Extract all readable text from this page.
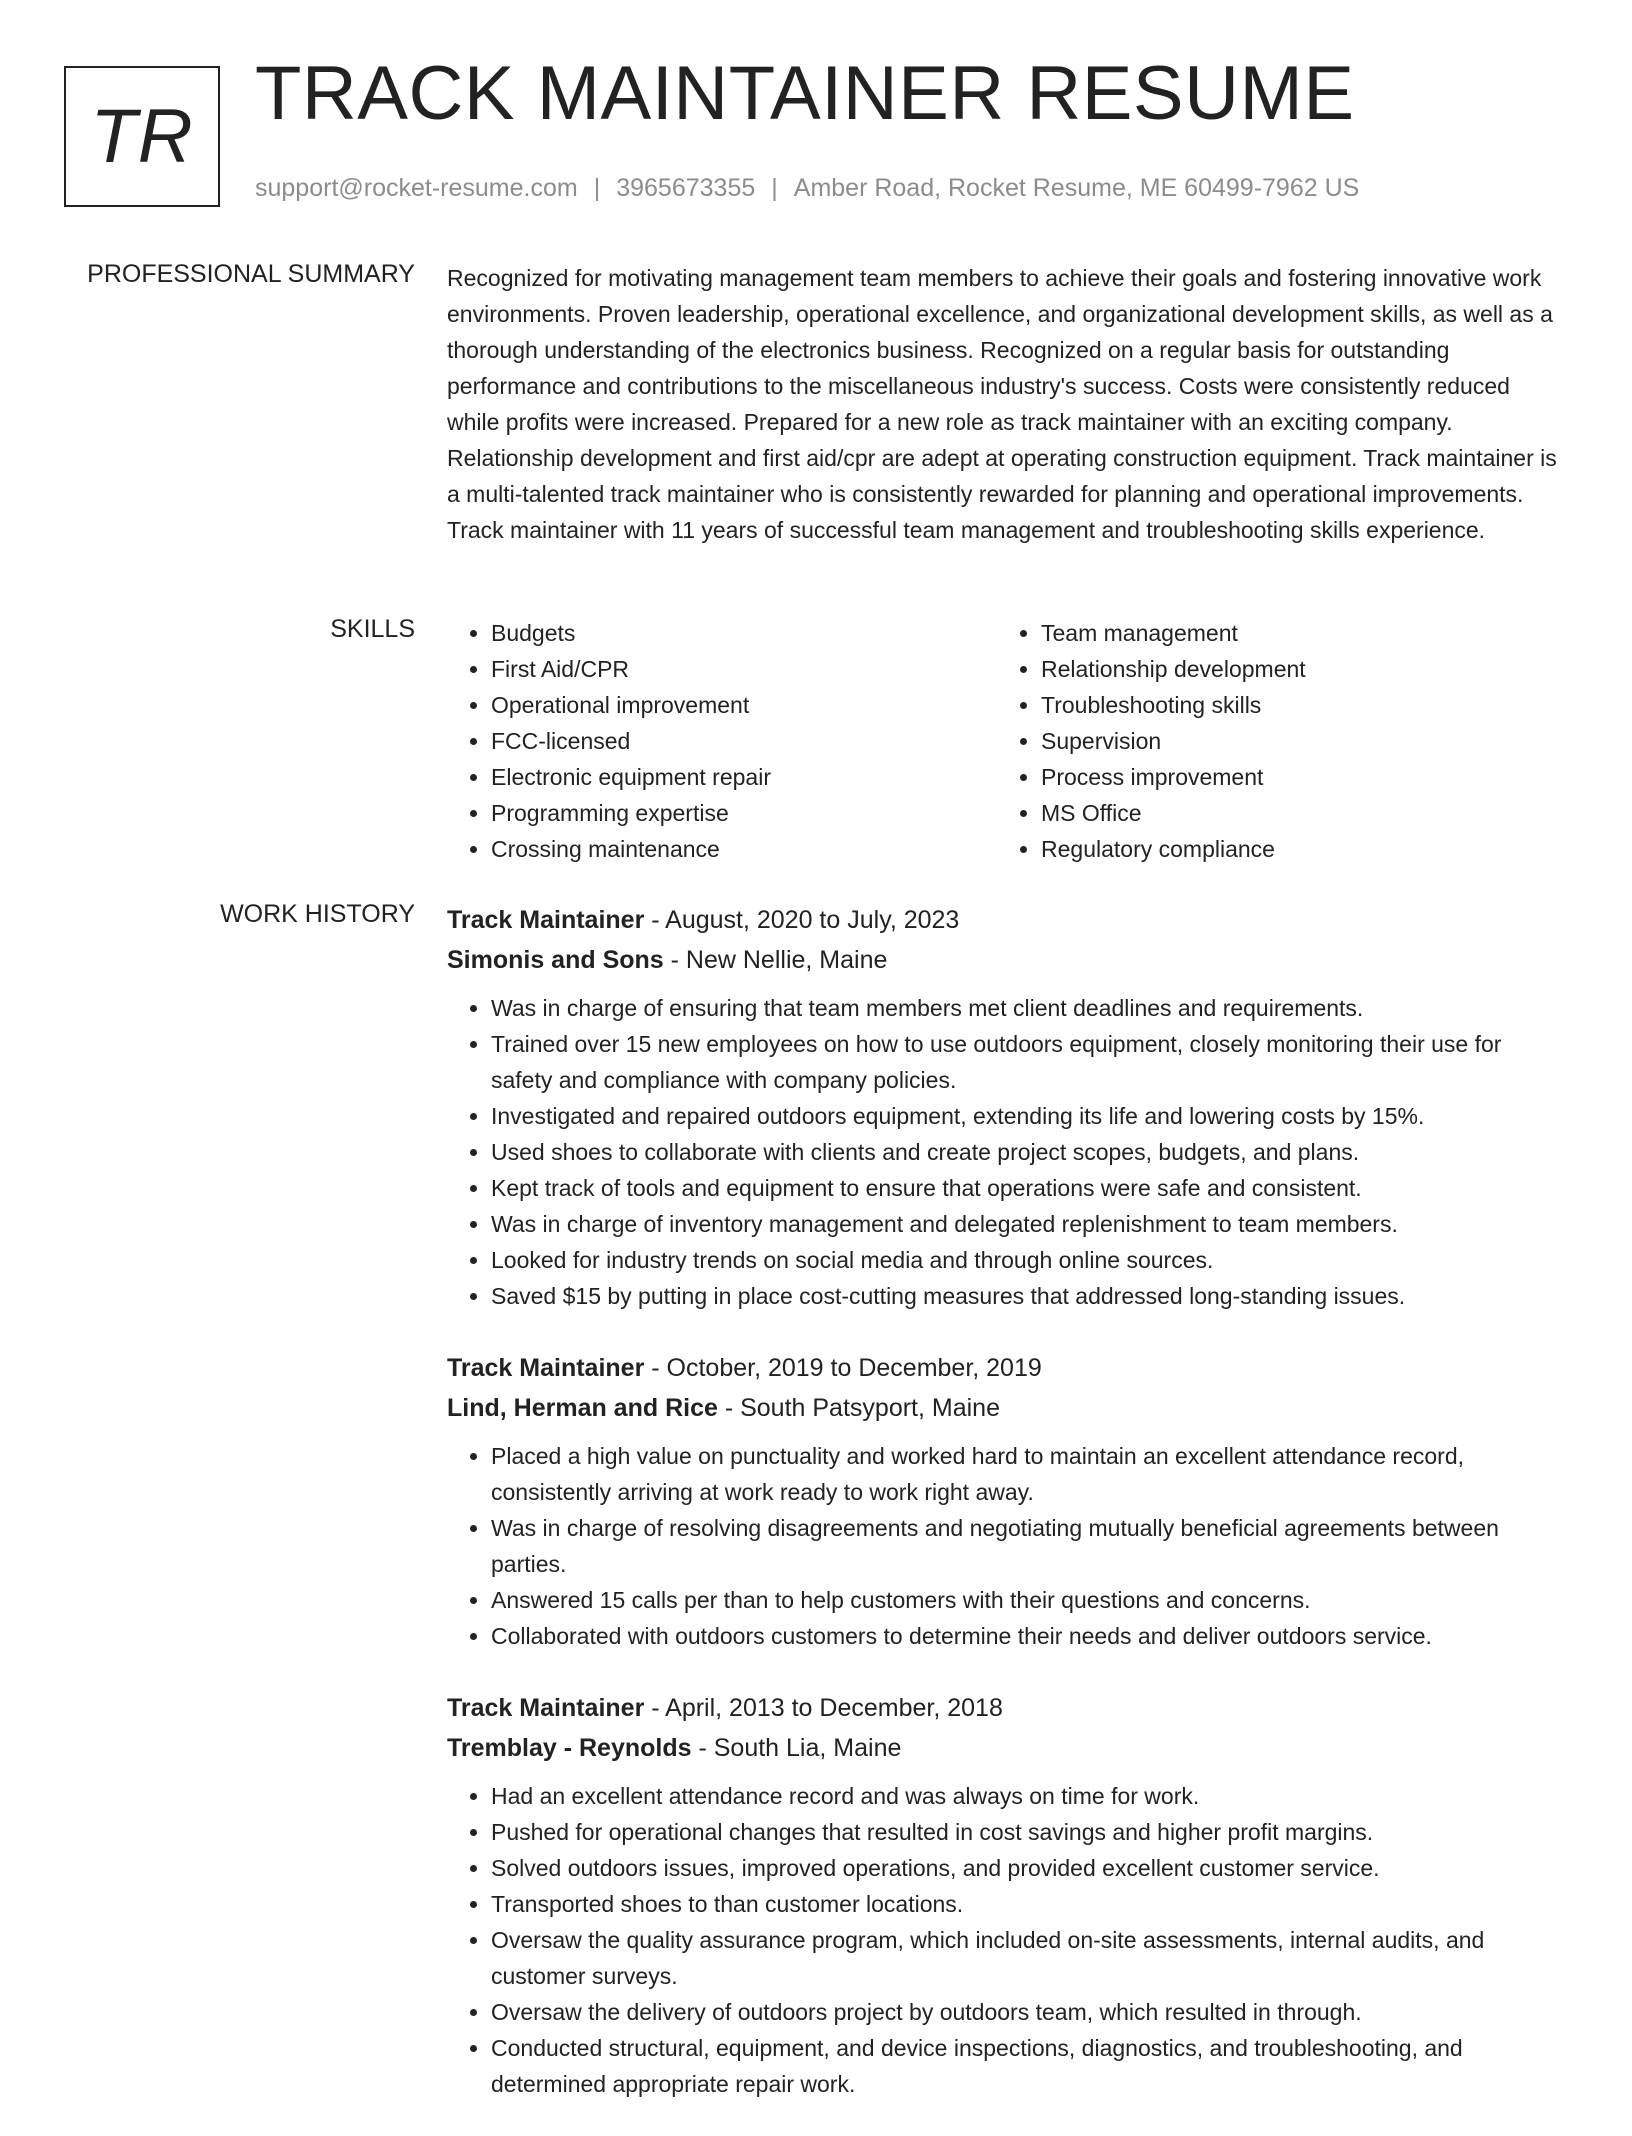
TR
TRACK MAINTAINER RESUME
support@rocket-resume.com | 3965673355 | Amber Road, Rocket Resume, ME 60499-7962 US
PROFESSIONAL SUMMARY Recognized for motivating management team members to achieve their goals and fostering innovative work environments. Proven leadership, operational excellence, and organizational development skills, as well as a thorough understanding of the electronics business. Recognized on a regular basis for outstanding performance and contributions to the miscellaneous industry's success. Costs were consistently reduced while profits were increased. Prepared for a new role as track maintainer with an exciting company. Relationship development and first aid/cpr are adept at operating construction equipment. Track maintainer is a multi-talented track maintainer who is consistently rewarded for planning and operational improvements. Track maintainer with 11 years of successful team management and troubleshooting skills experience.

SKILLS
•	Budgets
• First Aid/CPR
• Operational improvement
• FCC-licensed
• Electronic equipment repair
• Programming expertise
• Crossing maintenance
• Team management
• Relationship development
• Troubleshooting skills
• Supervision
• Process improvement
• MS Office
• Regulatory compliance
WORK HISTORY Track Maintainer - August, 2020 to July, 2023
Simonis and Sons - New Nellie, Maine
• Was in charge of ensuring that team members met client deadlines and requirements.
• Trained over 15 new employees on how to use outdoors equipment, closely monitoring their use for safety and compliance with company policies.
• Investigated and repaired outdoors equipment, extending its life and lowering costs by 15%.
• Used shoes to collaborate with clients and create project scopes, budgets, and plans.
• Kept track of tools and equipment to ensure that operations were safe and consistent.
• Was in charge of inventory management and delegated replenishment to team members.
• Looked for industry trends on social media and through online sources.
• Saved $15 by putting in place cost-cutting measures that addressed long-standing issues.
Track Maintainer - October, 2019 to December, 2019
Lind, Herman and Rice - South Patsyport, Maine
• Placed a high value on punctuality and worked hard to maintain an excellent attendance record, consistently arriving at work ready to work right away.
• Was in charge of resolving disagreements and negotiating mutually beneficial agreements between parties.
• Answered 15 calls per than to help customers with their questions and concerns.
• Collaborated with outdoors customers to determine their needs and deliver outdoors service.
Track Maintainer - April, 2013 to December, 2018
Tremblay - Reynolds - South Lia, Maine
• Had an excellent attendance record and was always on time for work.
• Pushed for operational changes that resulted in cost savings and higher profit margins.
• Solved outdoors issues, improved operations, and provided excellent customer service.
• Transported shoes to than customer locations.
• Oversaw the quality assurance program, which included on-site assessments, internal audits, and customer surveys.
• Oversaw the delivery of outdoors project by outdoors team, which resulted in through.
• Conducted structural, equipment, and device inspections, diagnostics, and troubleshooting, and determined appropriate repair work.
